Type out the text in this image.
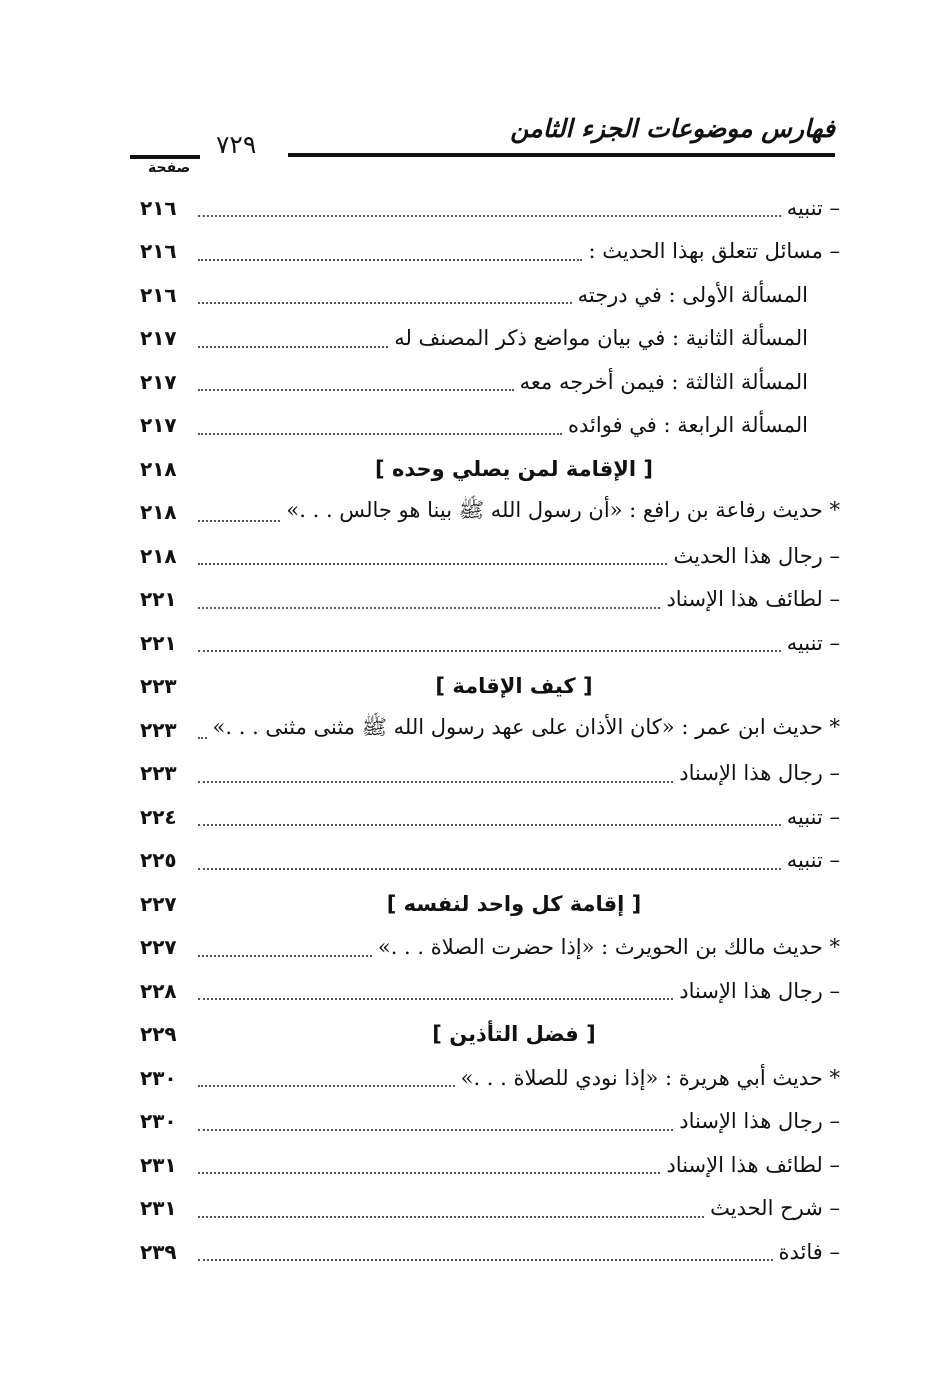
فهارس موضوعات الجزء الثامن
٧٢٩
صفحة
– تنبيه
٢١٦
– مسائل تتعلق بهذا الحديث :
٢١٦
المسألة الأولى : في درجته
٢١٦
المسألة الثانية : في بيان مواضع ذكر المصنف له
٢١٧
المسألة الثالثة : فيمن أخرجه معه
٢١٧
المسألة الرابعة : في فوائده
٢١٧
[ الإقامة لمن يصلي وحده ]
٢١٨
* حديث رفاعة بن رافع : «أن رسول الله ﷺ بينا هو جالس . . .»
٢١٨
– رجال هذا الحديث
٢١٨
– لطائف هذا الإسناد
٢٢١
– تنبيه
٢٢١
[ كيف الإقامة ]
٢٢٣
* حديث ابن عمر : «كان الأذان على عهد رسول الله ﷺ مثنى مثنى . . .»
٢٢٣
– رجال هذا الإسناد
٢٢٣
– تنبيه
٢٢٤
– تنبيه
٢٢٥
[ إقامة كل واحد لنفسه ]
٢٢٧
* حديث مالك بن الحويرث : «إذا حضرت الصلاة . . .»
٢٢٧
– رجال هذا الإسناد
٢٢٨
[ فضل التأذين ]
٢٢٩
* حديث أبي هريرة : «إذا نودي للصلاة . . .»
٢٣٠
– رجال هذا الإسناد
٢٣٠
– لطائف هذا الإسناد
٢٣١
– شرح الحديث
٢٣١
– فائدة
٢٣٩
